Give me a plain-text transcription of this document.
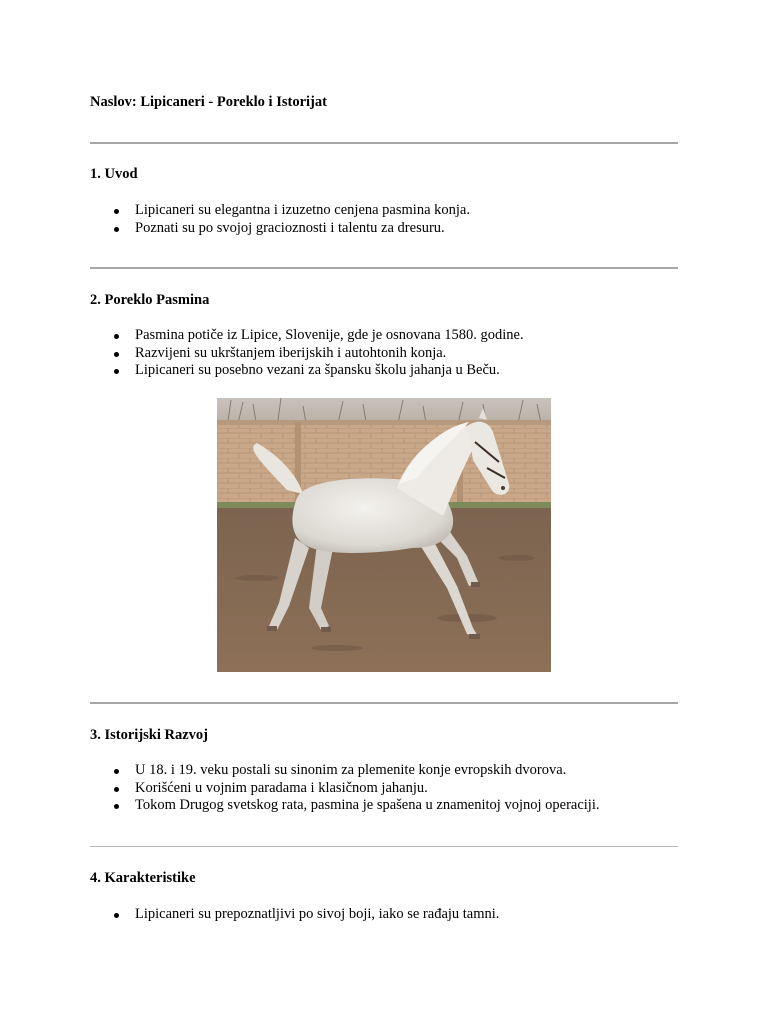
Naslov: Lipicaneri - Poreklo i Istorijat
1. Uvod
Lipicaneri su elegantna i izuzetno cenjena pasmina konja.
Poznati su po svojoj gracioznosti i talentu za dresuru.
2. Poreklo Pasmina
Pasmina potiče iz Lipice, Slovenije, gde je osnovana 1580. godine.
Razvijeni su ukrštanjem iberijskih i autohtonih konja.
Lipicaneri su posebno vezani za špansku školu jahanja u Beču.
3. Istorijski Razvoj
U 18. i 19. veku postali su sinonim za plemenite konje evropskih dvorova.
Korišćeni u vojnim paradama i klasičnom jahanju.
Tokom Drugog svetskog rata, pasmina je spašena u znamenitoj vojnoj operaciji.
4. Karakteristike
Lipicaneri su prepoznatljivi po sivoj boji, iako se rađaju tamni.
